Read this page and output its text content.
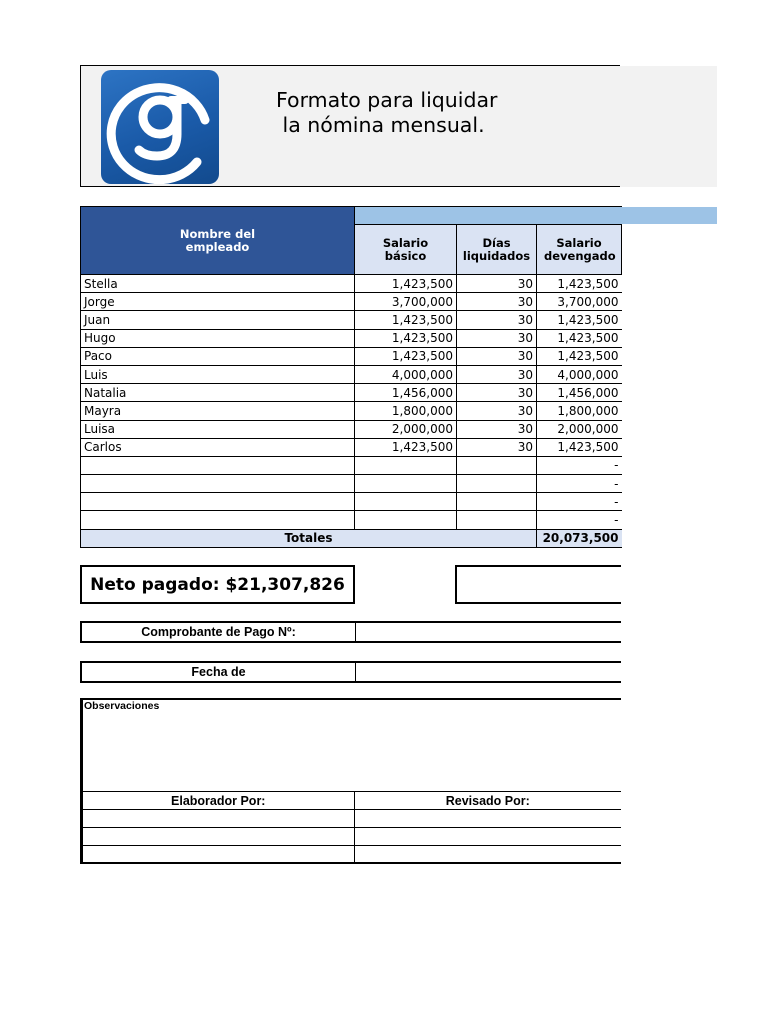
Formato para liquidar
la nómina mensual.
Nombre del empleado			
	Salario básico	Días liquidados	Salario devengado
Stella	1,423,500	30	1,423,500
Jorge	3,700,000	30	3,700,000
Juan	1,423,500	30	1,423,500
Hugo	1,423,500	30	1,423,500
Paco	1,423,500	30	1,423,500
Luis	4,000,000	30	4,000,000
Natalia	1,456,000	30	1,456,000
Mayra	1,800,000	30	1,800,000
Luisa	2,000,000	30	2,000,000
Carlos	1,423,500	30	1,423,500
			-
			-
			-
			-
Totales			20,073,500
Neto pagado: $21,307,826
Comprobante de Pago Nº:
Fecha de
Observaciones
Elaborador Por:	Revisado Por:
